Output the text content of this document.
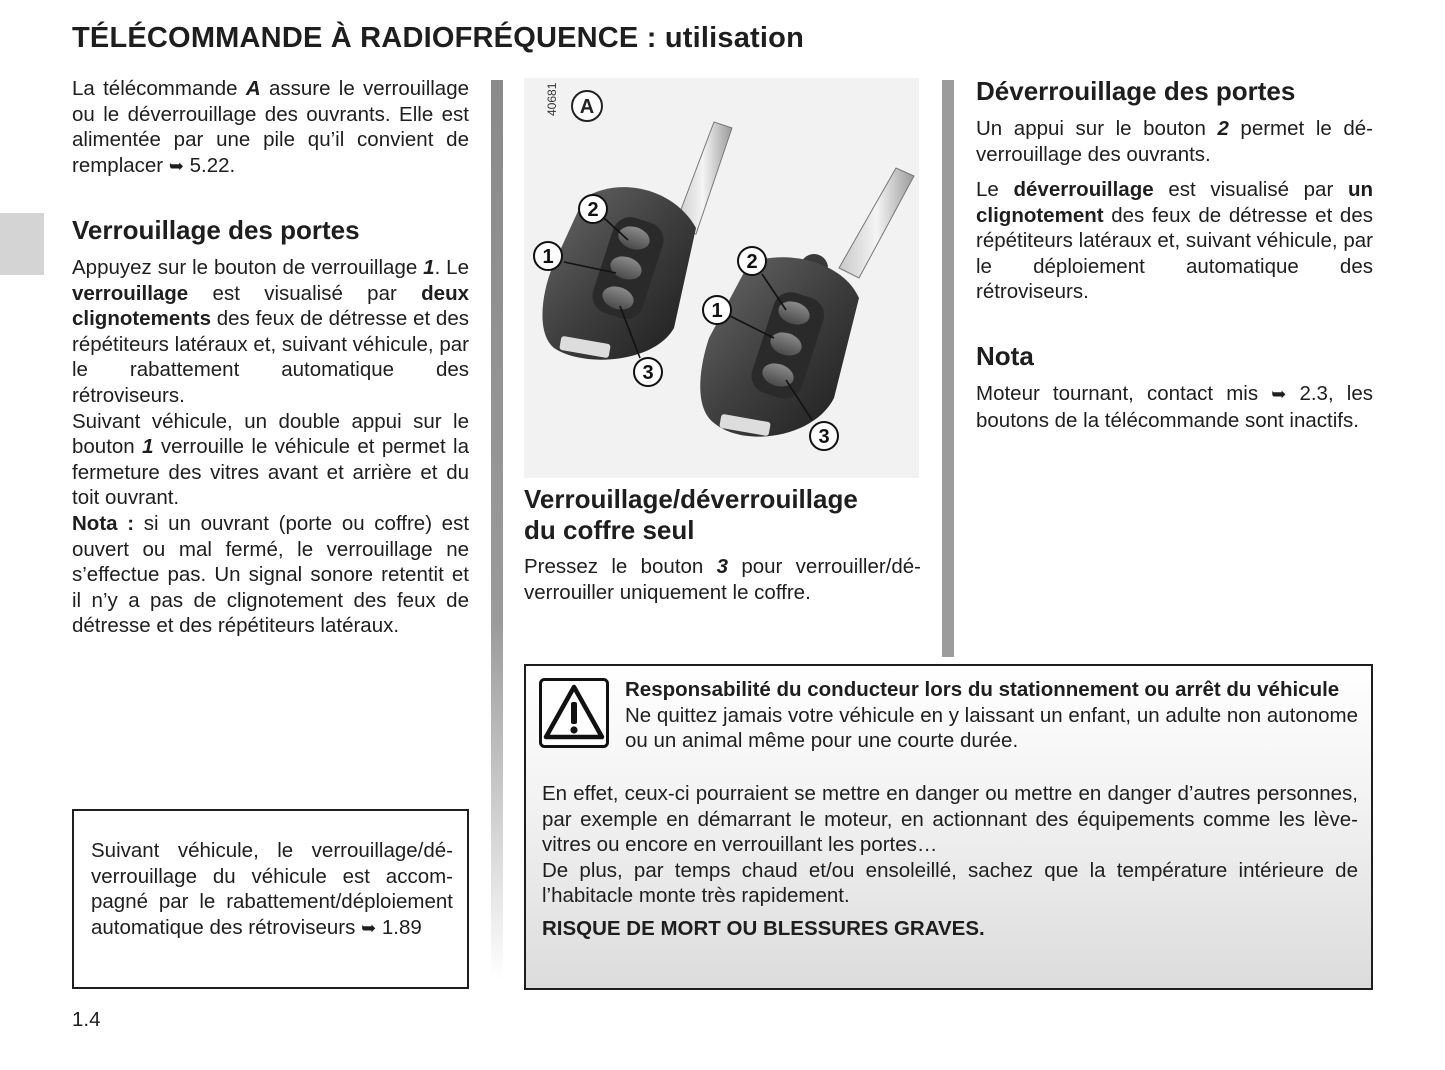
TÉLÉCOMMANDE À RADIOFRÉQUENCE : utilisation

La télécommande A assure le verrouillage ou le déverrouillage des ouvrants. Elle est alimentée par une pile qu’il convient de remplacer ➥ 5.22.

Verrouillage des portes

Appuyez sur le bouton de verrouillage 1. Le verrouillage est visualisé par deux clignotements des feux de détresse et des répétiteurs latéraux et, suivant véhicule, par le rabattement automatique des rétroviseurs.

Suivant véhicule, un double appui sur le bouton 1 verrouille le véhicule et permet la fermeture des vitres avant et arrière et du toit ouvrant.

Nota : si un ouvrant (porte ou coffre) est ouvert ou mal fermé, le verrouillage ne s’effectue pas. Un signal sonore retentit et il n’y a pas de clignotement des feux de détresse et des répétiteurs latéraux.

Suivant véhicule, le verrouillage/déverrouillage du véhicule est accompagné par le rabattement/déploiement automatique des rétroviseurs ➥ 1.89

1.4
40681 A
2
1
3
2
1
3
Verrouillage/déverrouillage
du coffre seul

Pressez le bouton 3 pour verrouiller/déverrouiller uniquement le coffre.

Déverrouillage des portes

Un appui sur le bouton 2 permet le déverrouillage des ouvrants.

Le déverrouillage est visualisé par un clignotement des feux de détresse et des répétiteurs latéraux et, suivant véhicule, par le déploiement automatique des rétroviseurs.

Nota

Moteur tournant, contact mis ➥ 2.3, les boutons de la télécommande sont inactifs.

Responsabilité du conducteur lors du stationnement ou arrêt du véhicule
Ne quittez jamais votre véhicule en y laissant un enfant, un adulte non autonome ou un animal même pour une courte durée.
En effet, ceux-ci pourraient se mettre en danger ou mettre en danger d’autres personnes, par exemple en démarrant le moteur, en actionnant des équipements comme les lève-vitres ou encore en verrouillant les portes…
De plus, par temps chaud et/ou ensoleillé, sachez que la température intérieure de l’habitacle monte très rapidement.
RISQUE DE MORT OU BLESSURES GRAVES.
